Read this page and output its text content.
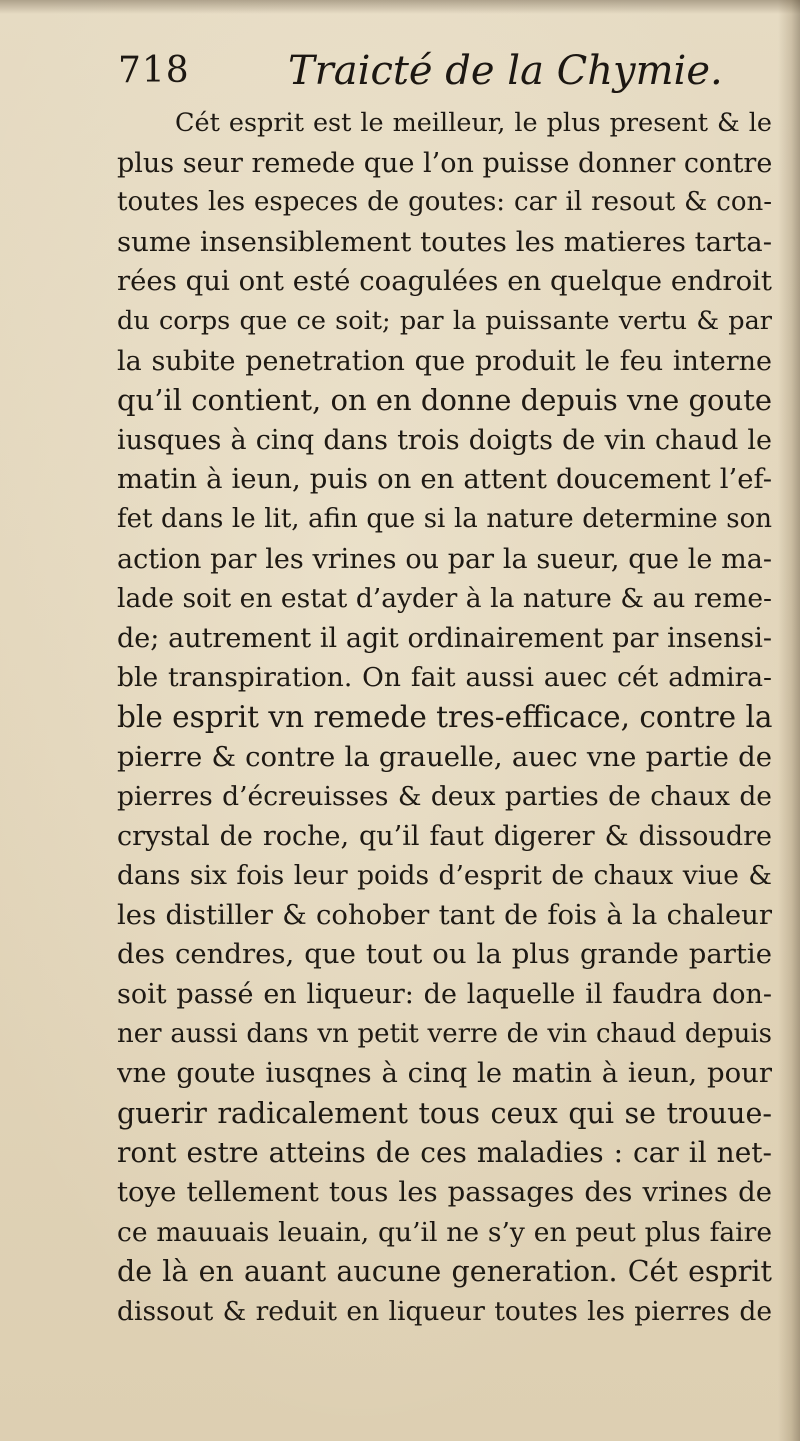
718 Traicté de la Chymie.
Cét esprit est le meilleur, le plus present & le
plus seur remede que l’on puisse donner contre
toutes les especes de goutes: car il resout & con-
sume insensiblement toutes les matieres tarta-
rées qui ont esté coagulées en quelque endroit
du corps que ce soit; par la puissante vertu & par
la subite penetration que produit le feu interne
qu’il contient, on en donne depuis vne goute
iusques à cinq dans trois doigts de vin chaud le
matin à ieun, puis on en attent doucement l’ef-
fet dans le lit, afin que si la nature determine son
action par les vrines ou par la sueur, que le ma-
lade soit en estat d’ayder à la nature & au reme-
de; autrement il agit ordinairement par insensi-
ble transpiration. On fait aussi auec cét admira-
ble esprit vn remede tres-efficace, contre la
pierre & contre la grauelle, auec vne partie de
pierres d’écreuisses & deux parties de chaux de
crystal de roche, qu’il faut digerer & dissoudre
dans six fois leur poids d’esprit de chaux viue &
les distiller & cohober tant de fois à la chaleur
des cendres, que tout ou la plus grande partie
soit passé en liqueur: de laquelle il faudra don-
ner aussi dans vn petit verre de vin chaud depuis
vne goute iusqnes à cinq le matin à ieun, pour
guerir radicalement tous ceux qui se trouue-
ront estre atteins de ces maladies : car il net-
toye tellement tous les passages des vrines de
ce mauuais leuain, qu’il ne s’y en peut plus faire
de là en auant aucune generation. Cét esprit
dissout & reduit en liqueur toutes les pierres de
